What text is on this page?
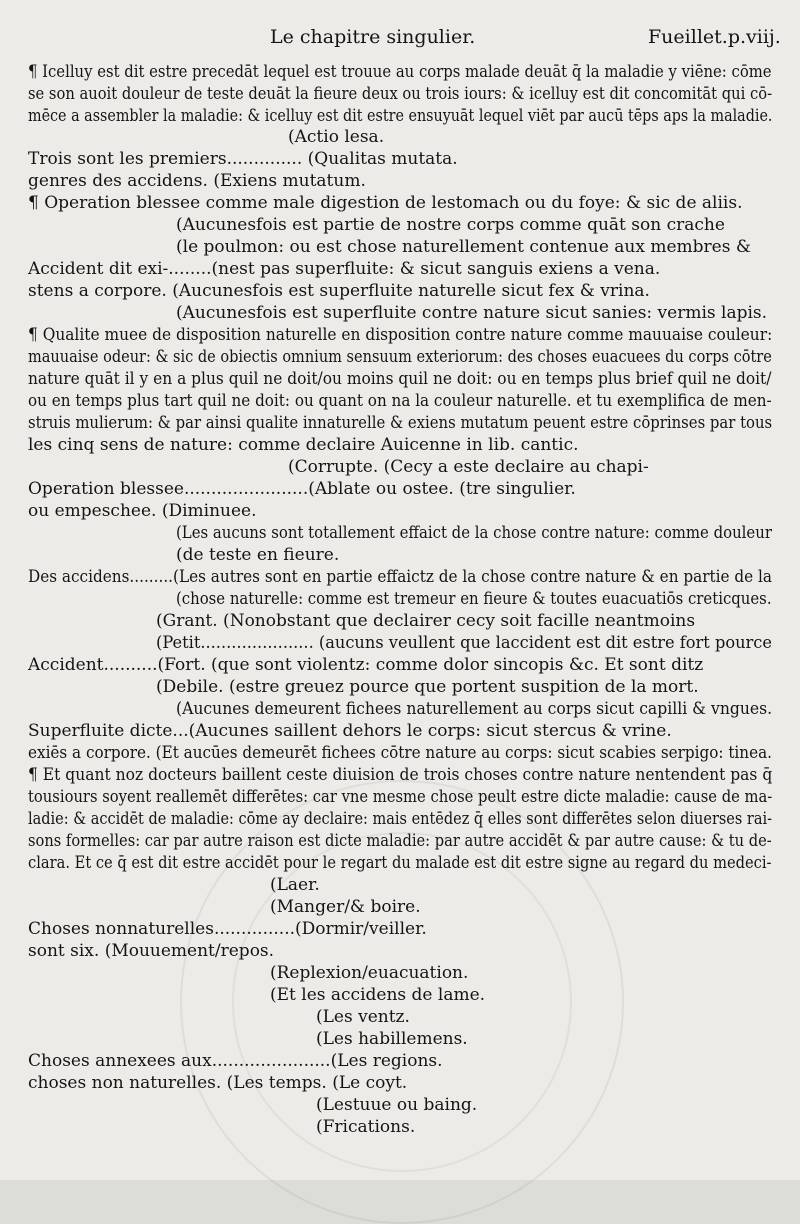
Le chapitre singulier.	Fueillet.p.viij.
¶ Icelluy est dit estre precedāt lequel est trouue au corps malade deuāt q̄ la maladie y viēne: cōme
se son auoit douleur de teste deuāt la fieure deux ou trois iours: & icelluy est dit concomitāt qui cō-
mēce a assembler la maladie: & icelluy est dit estre ensuyuāt lequel viēt par aucū tēps aps la maladie.
(Actio lesa.
Trois sont les premiers.............. (Qualitas mutata.
genres des accidens. (Exiens mutatum.
¶ Operation blessee comme male digestion de lestomach ou du foye: & sic de aliis.
(Aucunesfois est partie de nostre corps comme quāt son crache
(le poulmon: ou est chose naturellement contenue aux membres &
Accident dit exi-........(nest pas superfluite: & sicut sanguis exiens a vena.
stens a corpore. (Aucunesfois est superfluite naturelle sicut fex & vrina.
(Aucunesfois est superfluite contre nature sicut sanies: vermis lapis.
¶ Qualite muee de disposition naturelle en disposition contre nature comme mauuaise couleur:
mauuaise odeur: & sic de obiectis omnium sensuum exteriorum: des choses euacuees du corps cōtre
nature quāt il y en a plus quil ne doit/ou moins quil ne doit: ou en temps plus brief quil ne doit/
ou en temps plus tart quil ne doit: ou quant on na la couleur naturelle. et tu exemplifica de men-
struis mulierum: & par ainsi qualite innaturelle & exiens mutatum peuent estre cōprinses par tous
les cinq sens de nature: comme declaire Auicenne in lib. cantic.
(Corrupte. (Cecy a este declaire au chapi-
Operation blessee.......................(Ablate ou ostee. (tre singulier.
ou empeschee. (Diminuee.
(Les aucuns sont totallement effaict de la chose contre nature: comme douleur
(de teste en fieure.
Des accidens.........(Les autres sont en partie effaictz de la chose contre nature & en partie de la
(chose naturelle: comme est tremeur en fieure & toutes euacuatiōs creticques.
(Grant. (Nonobstant que declairer cecy soit facille neantmoins
(Petit...................... (aucuns veullent que laccident est dit estre fort pource
Accident..........(Fort. (que sont violentz: comme dolor sincopis &c. Et sont ditz
(Debile. (estre greuez pource que portent suspition de la mort.
(Aucunes demeurent fichees naturellement au corps sicut capilli & vngues.
Superfluite dicte...(Aucunes saillent dehors le corps: sicut stercus & vrine.
exiēs a corpore. (Et aucūes demeurēt fichees cōtre nature au corps: sicut scabies serpigo: tinea.
¶ Et quant noz docteurs baillent ceste diuision de trois choses contre nature nentendent pas q̄
tousiours soyent reallemēt differētes: car vne mesme chose peult estre dicte maladie: cause de ma-
ladie: & accidēt de maladie: cōme ay declaire: mais entēdez q̄ elles sont differētes selon diuerses rai-
sons formelles: car par autre raison est dicte maladie: par autre accidēt & par autre cause: & tu de-
clara. Et ce q̄ est dit estre accidēt pour le regart du malade est dit estre signe au regard du medeci-
(Laer.
(Manger/& boire.
Choses nonnaturelles...............(Dormir/veiller.
sont six. (Mouuement/repos.
(Replexion/euacuation.
(Et les accidens de lame.
(Les ventz.
(Les habillemens.
Choses annexees aux......................(Les regions.
choses non naturelles. (Les temps. (Le coyt.
(Lestuue ou baing.
(Frications.
